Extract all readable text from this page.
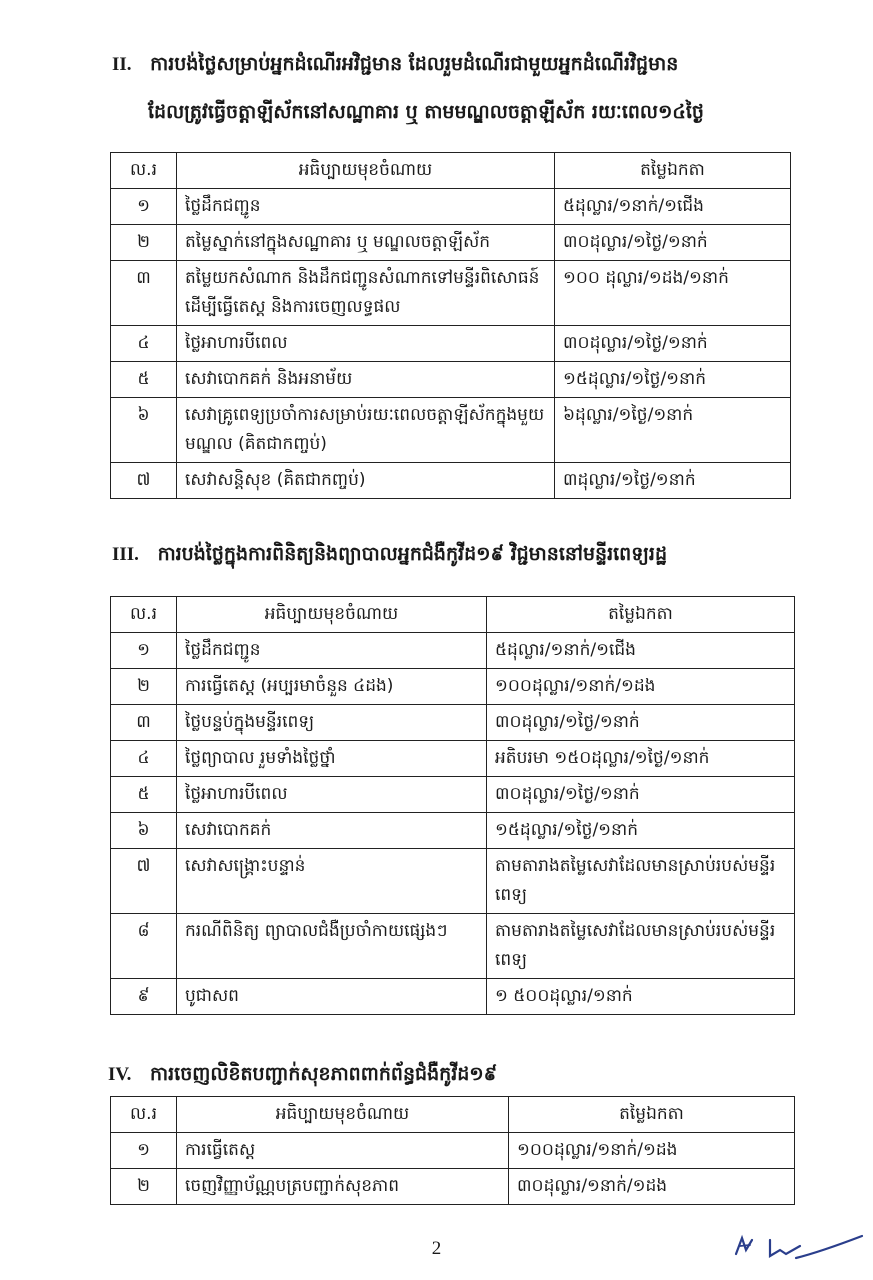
II. ការបង់ថ្លៃសម្រាប់អ្នកដំណើរអវិជ្ជមាន ដែលរួមដំណើរជាមួយអ្នកដំណើរវិជ្ជមាន
ដែលត្រូវធ្វើចត្តាឡីស័កនៅសណ្ឋាគារ ឬ តាមមណ្ឌលចត្តាឡីស័ក រយៈពេល១៤ថ្ងៃ
ល.រ	អធិប្បាយមុខចំណាយ	តម្លៃឯកតា
១	ថ្លៃដឹកជញ្ជូន	៥ដុល្លារ/១នាក់/១ជើង
២	តម្លៃស្នាក់នៅក្នុងសណ្ឋាគារ ឬ មណ្ឌលចត្តាឡីស័ក	៣០ដុល្លារ/១ថ្ងៃ/១នាក់
៣	តម្លៃយកសំណាក និងដឹកជញ្ជូនសំណាកទៅមន្ទីរពិសោធន៍ ដើម្បីធ្វើតេស្ត និងការចេញលទ្ធផល	១០០ ដុល្លារ/១ដង/១នាក់
៤	ថ្លៃអាហារបីពេល	៣០ដុល្លារ/១ថ្ងៃ/១នាក់
៥	សេវាបោកគក់ និងអនាម័យ	១៥ដុល្លារ/១ថ្ងៃ/១នាក់
៦	សេវាគ្រូពេទ្យប្រចាំការសម្រាប់រយៈពេលចត្តាឡីស័កក្នុងមួយមណ្ឌល (គិតជាកញ្ចប់)	៦ដុល្លារ/១ថ្ងៃ/១នាក់
៧	សេវាសន្តិសុខ (គិតជាកញ្ចប់)	៣ដុល្លារ/១ថ្ងៃ/១នាក់
III. ការបង់ថ្លៃក្នុងការពិនិត្យនិងព្យាបាលអ្នកជំងឺកូវីដ១៩ វិជ្ជមាននៅមន្ទីរពេទ្យរដ្ឋ
ល.រ	អធិប្បាយមុខចំណាយ	តម្លៃឯកតា
១	ថ្លៃដឹកជញ្ជូន	៥ដុល្លារ/១នាក់/១ជើង
២	ការធ្វើតេស្ត (អប្បរមាចំនួន ៤ដង)	១០០ដុល្លារ/១នាក់/១ដង
៣	ថ្លៃបន្ទប់ក្នុងមន្ទីរពេទ្យ	៣០ដុល្លារ/១ថ្ងៃ/១នាក់
៤	ថ្លៃព្យាបាល រួមទាំងថ្លៃថ្នាំ	អតិបរមា ១៥០ដុល្លារ/១ថ្ងៃ/១នាក់
៥	ថ្លៃអាហារបីពេល	៣០ដុល្លារ/១ថ្ងៃ/១នាក់
៦	សេវាបោកគក់	១៥ដុល្លារ/១ថ្ងៃ/១នាក់
៧	សេវាសង្គ្រោះបន្ទាន់	តាមតារាងតម្លៃសេវាដែលមានស្រាប់របស់មន្ទីរពេទ្យ
៨	ករណីពិនិត្យ ព្យាបាលជំងឺប្រចាំកាយផ្សេងៗ	តាមតារាងតម្លៃសេវាដែលមានស្រាប់របស់មន្ទីរពេទ្យ
៩	បូជាសព	១ ៥០០ដុល្លារ/១នាក់
IV. ការចេញលិខិតបញ្ជាក់សុខភាពពាក់ព័ន្ធជំងឺកូវីដ១៩
ល.រ	អធិប្បាយមុខចំណាយ	តម្លៃឯកតា
១	ការធ្វើតេស្ត	១០០ដុល្លារ/១នាក់/១ដង
២	ចេញវិញ្ញាប័ណ្ណបត្របញ្ជាក់សុខភាព	៣០ដុល្លារ/១នាក់/១ដង
2
